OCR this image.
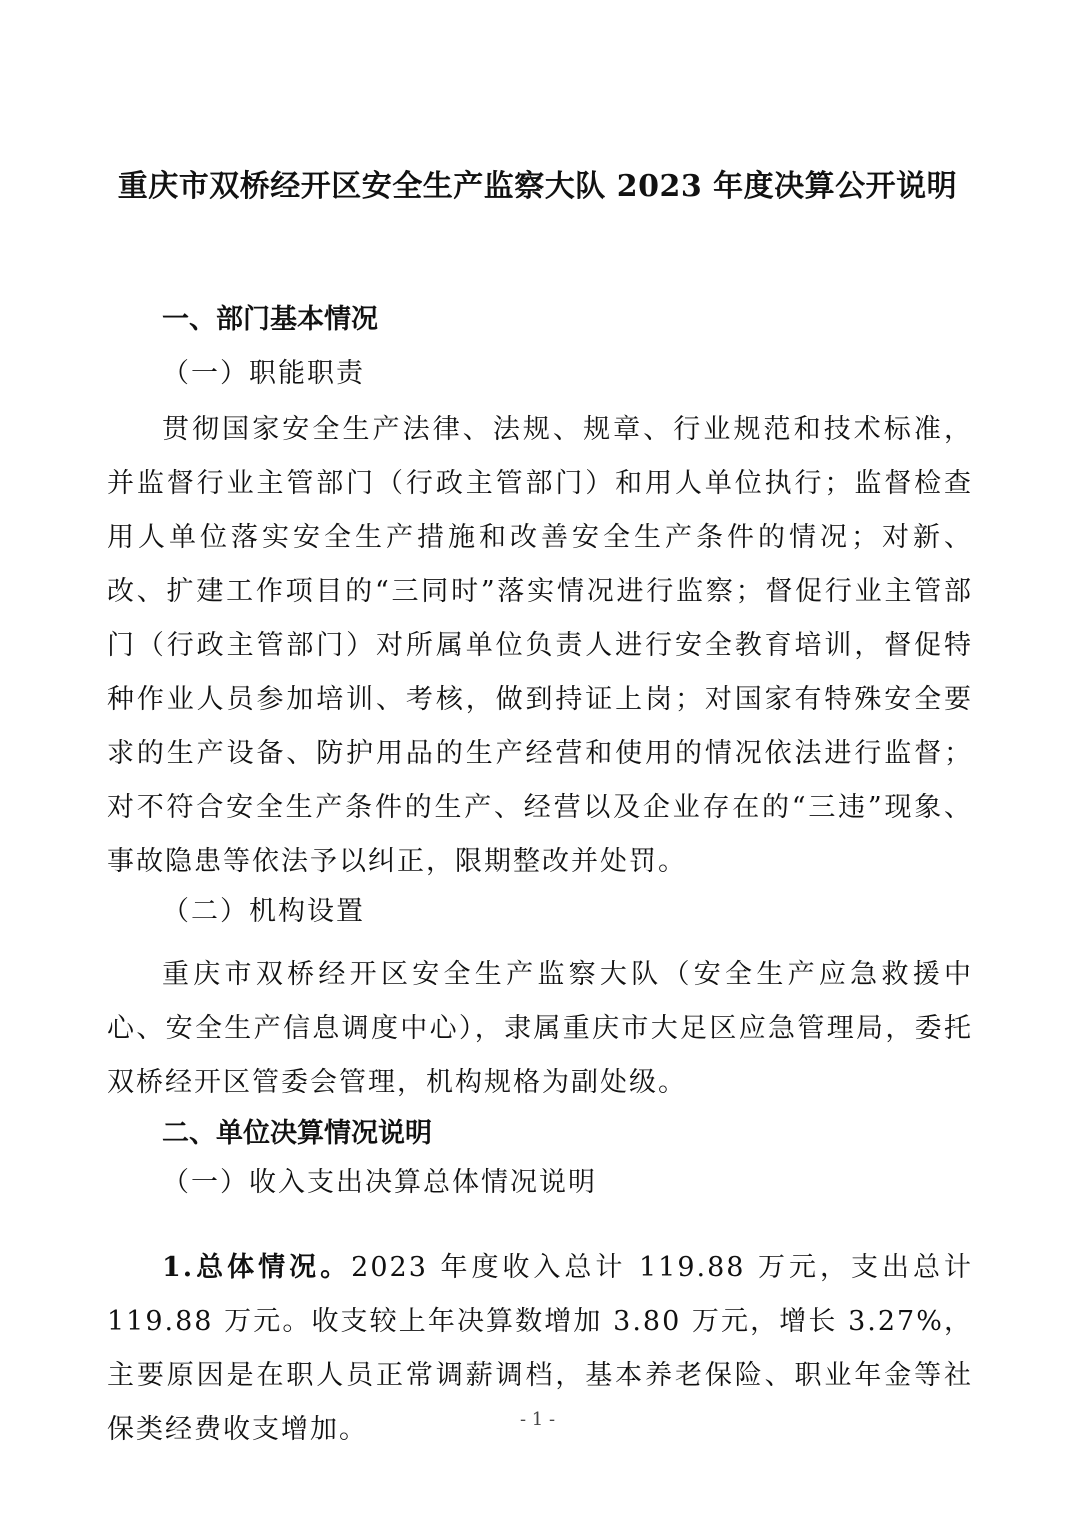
重庆市双桥经开区安全生产监察大队 2023 年度决算公开说明
一、部门基本情况
（一）职能职责
贯彻国家安全生产法律、法规、规章、行业规范和技术标准，并监督行业主管部门（行政主管部门）和用人单位执行；监督检查用人单位落实安全生产措施和改善安全生产条件的情况；对新、改、扩建工作项目的“三同时”落实情况进行监察；督促行业主管部门（行政主管部门）对所属单位负责人进行安全教育培训，督促特种作业人员参加培训、考核，做到持证上岗；对国家有特殊安全要求的生产设备、防护用品的生产经营和使用的情况依法进行监督；对不符合安全生产条件的生产、经营以及企业存在的“三违”现象、事故隐患等依法予以纠正，限期整改并处罚。
（二）机构设置
重庆市双桥经开区安全生产监察大队（安全生产应急救援中心、安全生产信息调度中心），隶属重庆市大足区应急管理局，委托双桥经开区管委会管理，机构规格为副处级。
二、单位决算情况说明
（一）收入支出决算总体情况说明
1.总体情况。2023 年度收入总计 119.88 万元，支出总计 119.88 万元。收支较上年决算数增加 3.80 万元，增长 3.27%，主要原因是在职人员正常调薪调档，基本养老保险、职业年金等社保类经费收支增加。	- 1 -
